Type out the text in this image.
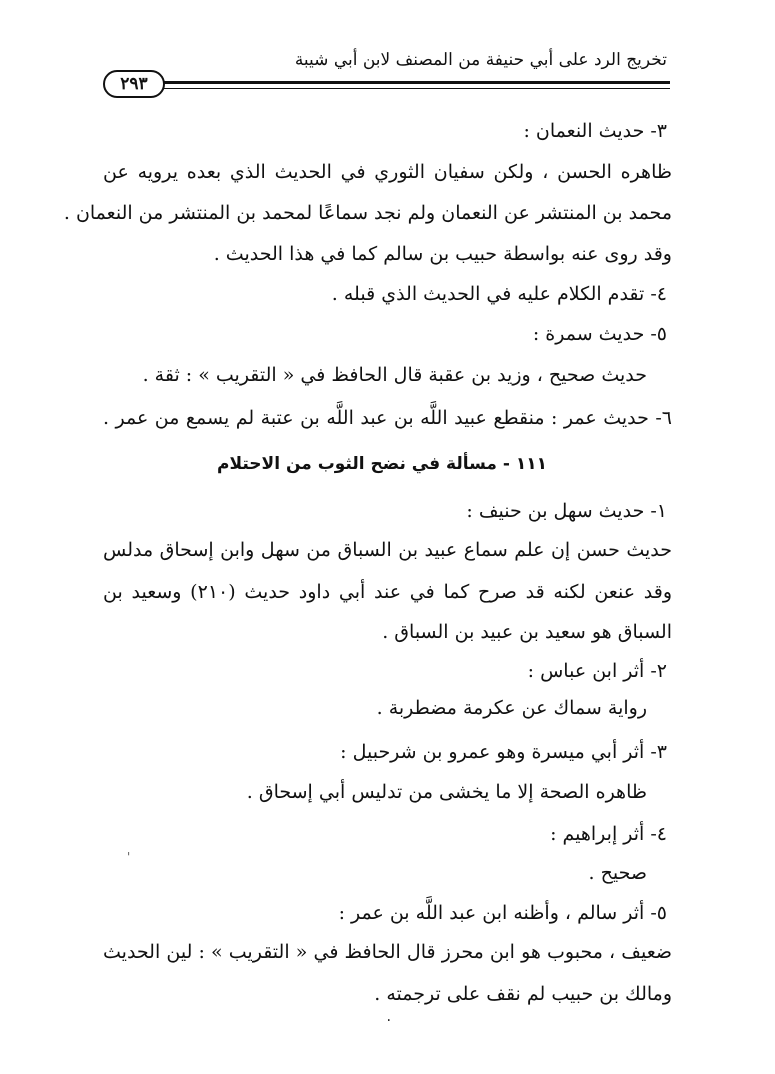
تخريج الرد على أبي حنيفة من المصنف لابن أبي شيبة
٢٩٣
٣- حديث النعمان :
ظاهره الحسن ، ولكن سفيان الثوري في الحديث الذي بعده يرويه عن
محمد بن المنتشر عن النعمان ولم نجد سماعًا لمحمد بن المنتشر من النعمان .
وقد روى عنه بواسطة حبيب بن سالم كما في هذا الحديث .
٤- تقدم الكلام عليه في الحديث الذي قبله .
٥- حديث سمرة :
حديث صحيح ، وزيد بن عقبة قال الحافظ في « التقريب » : ثقة .
٦- حديث عمر : منقطع عبيد اللَّه بن عبد اللَّه بن عتبة لم يسمع من عمر .
١١١ - مسألة في نضح الثوب من الاحتلام
١- حديث سهل بن حنيف :
حديث حسن إن علم سماع عبيد بن السباق من سهل وابن إسحاق مدلس
وقد عنعن لكنه قد صرح كما في عند أبي داود حديث (٢١٠) وسعيد بن
السباق هو سعيد بن عبيد بن السباق .
٢- أثر ابن عباس :
رواية سماك عن عكرمة مضطربة .
٣- أثر أبي ميسرة وهو عمرو بن شرحبيل :
ظاهره الصحة إلا ما يخشى من تدليس أبي إسحاق .
٤- أثر إبراهيم :
صحيح .
٥- أثر سالم ، وأظنه ابن عبد اللَّه بن عمر :
ضعيف ، محبوب هو ابن محرز قال الحافظ في « التقريب » : لين الحديث
ومالك بن حبيب لم نقف على ترجمته .
'
٠
